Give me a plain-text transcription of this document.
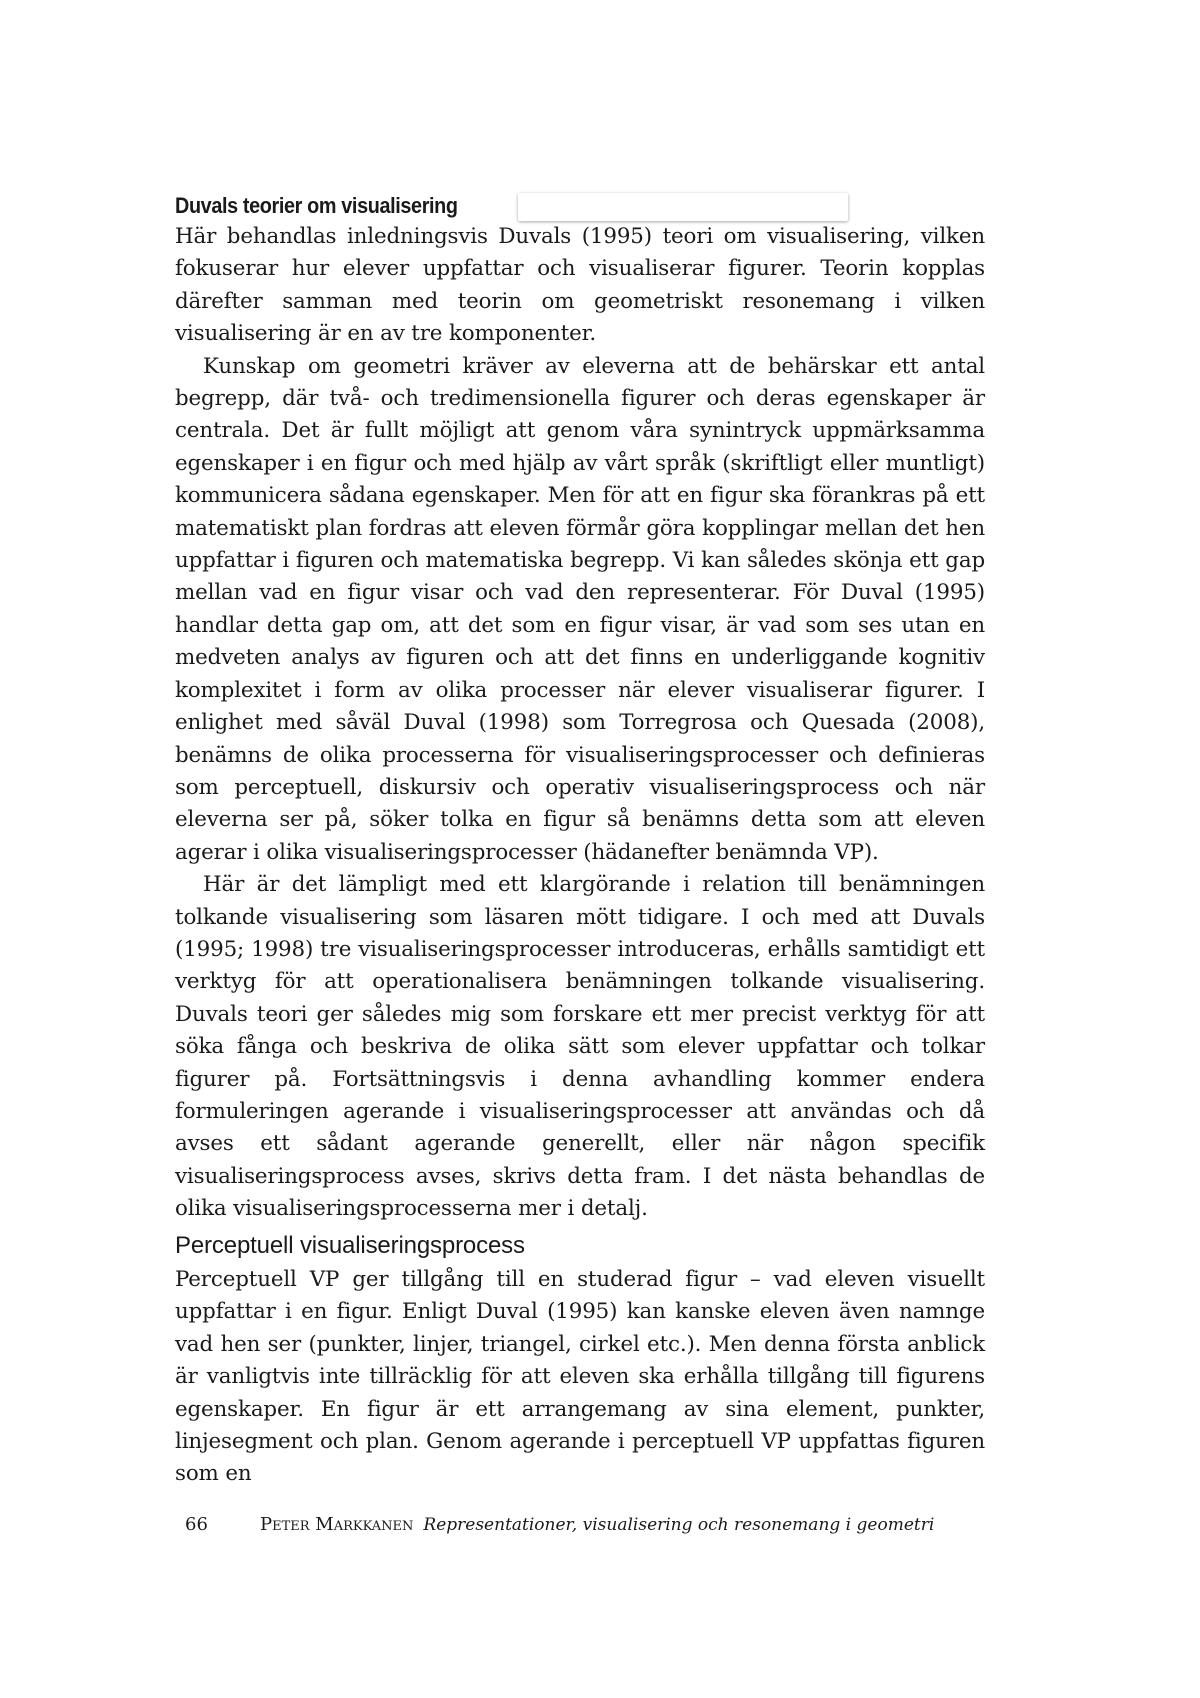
Duvals teorier om visualisering

Här behandlas inledningsvis Duvals (1995) teori om visualisering, vilken fokuserar hur elever uppfattar och visualiserar figurer. Teorin kopplas därefter samman med teorin om geometriskt resonemang i vilken visualisering är en av tre komponenter.

Kunskap om geometri kräver av eleverna att de behärskar ett antal begrepp, där två- och tredimensionella figurer och deras egenskaper är centrala. Det är fullt möjligt att genom våra synintryck uppmärksamma egenskaper i en figur och med hjälp av vårt språk (skriftligt eller muntligt) kommunicera sådana egenskaper. Men för att en figur ska förankras på ett matematiskt plan fordras att eleven förmår göra kopplingar mellan det hen uppfattar i figuren och matematiska begrepp. Vi kan således skönja ett gap mellan vad en figur visar och vad den representerar. För Duval (1995) handlar detta gap om, att det som en figur visar, är vad som ses utan en medveten analys av figuren och att det finns en underliggande kognitiv komplexitet i form av olika processer när elever visualiserar figurer. I enlighet med såväl Duval (1998) som Torregrosa och Quesada (2008), benämns de olika processerna för visualiseringsprocesser och definieras som perceptuell, diskursiv och operativ visualiseringsprocess och när eleverna ser på, söker tolka en figur så benämns detta som att eleven agerar i olika visualiseringsprocesser (hädanefter benämnda VP).

Här är det lämpligt med ett klargörande i relation till benämningen tolkande visualisering som läsaren mött tidigare. I och med att Duvals (1995; 1998) tre visualiseringsprocesser introduceras, erhålls samtidigt ett verktyg för att operationalisera benämningen tolkande visualisering. Duvals teori ger således mig som forskare ett mer precist verktyg för att söka fånga och beskriva de olika sätt som elever uppfattar och tolkar figurer på. Fortsättningsvis i denna avhandling kommer endera formuleringen agerande i visualiseringsprocesser att användas och då avses ett sådant agerande generellt, eller när någon specifik visualiseringsprocess avses, skrivs detta fram. I det nästa behandlas de olika visualiseringsprocesserna mer i detalj.

Perceptuell visualiseringsprocess

Perceptuell VP ger tillgång till en studerad figur – vad eleven visuellt uppfattar i en figur. Enligt Duval (1995) kan kanske eleven även namnge vad hen ser (punkter, linjer, triangel, cirkel etc.). Men denna första anblick är vanligtvis inte tillräcklig för att eleven ska erhålla tillgång till figurens egenskaper. En figur är ett arrangemang av sina element, punkter, linjesegment och plan. Genom agerande i perceptuell VP uppfattas figuren som en

66	Peter Markkanen Representationer, visualisering och resonemang i geometri
